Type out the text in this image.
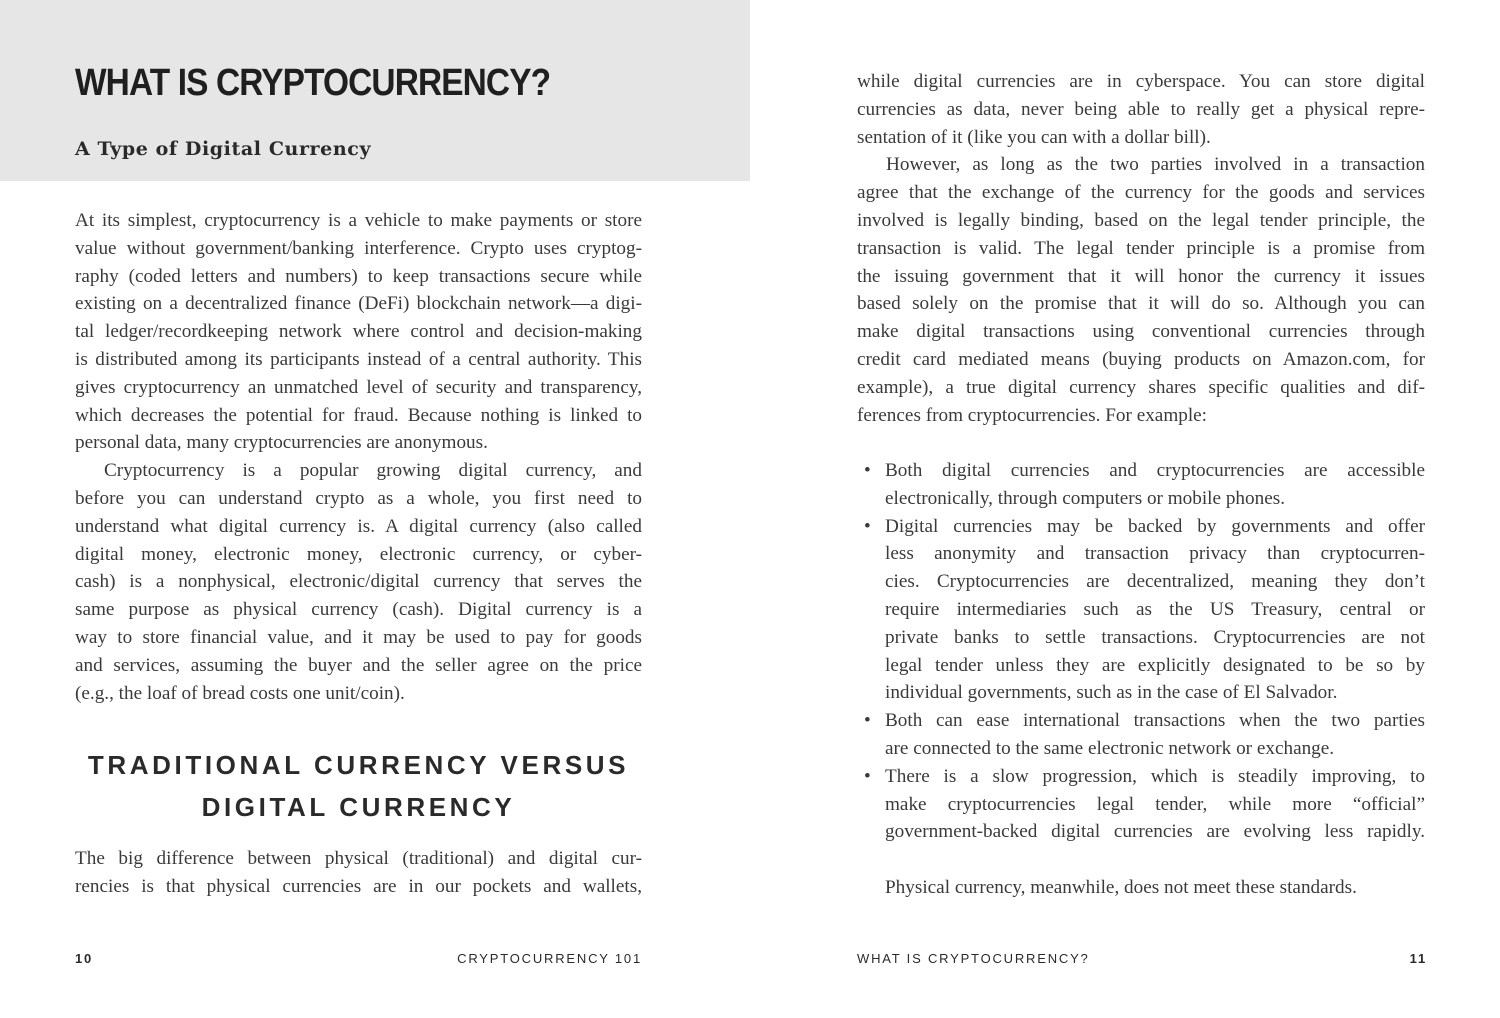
WHAT IS CRYPTOCURRENCY?
A Type of Digital Currency

At its simplest, cryptocurrency is a vehicle to make payments or store

value without government/banking interference. Crypto uses cryptog-

raphy (coded letters and numbers) to keep transactions secure while

existing on a decentralized finance (DeFi) blockchain network—a digi-

tal ledger/recordkeeping network where control and decision-making

is distributed among its participants instead of a central authority. This

gives cryptocurrency an unmatched level of security and transparency,

which decreases the potential for fraud. Because nothing is linked to

personal data, many cryptocurrencies are anonymous.

Cryptocurrency is a popular growing digital currency, and

before you can understand crypto as a whole, you first need to

understand what digital currency is. A digital currency (also called

digital money, electronic money, electronic currency, or cyber-

cash) is a nonphysical, electronic/digital currency that serves the

same purpose as physical currency (cash). Digital currency is a

way to store financial value, and it may be used to pay for goods

and services, assuming the buyer and the seller agree on the price

(e.g., the loaf of bread costs one unit/coin).

TRADITIONAL CURRENCY VERSUS
DIGITAL CURRENCY

The big difference between physical (traditional) and digital cur-

rencies is that physical currencies are in our pockets and wallets,

10	CRYPTOCURRENCY 101

while digital currencies are in cyberspace. You can store digital

currencies as data, never being able to really get a physical repre-

sentation of it (like you can with a dollar bill).

However, as long as the two parties involved in a transaction

agree that the exchange of the currency for the goods and services

involved is legally binding, based on the legal tender principle, the

transaction is valid. The legal tender principle is a promise from

the issuing government that it will honor the currency it issues

based solely on the promise that it will do so. Although you can

make digital transactions using conventional currencies through

credit card mediated means (buying products on Amazon.com, for

example), a true digital currency shares specific qualities and dif-

ferences from cryptocurrencies. For example:

• Both digital currencies and cryptocurrencies are accessible
electronically, through computers or mobile phones.
• Digital currencies may be backed by governments and offer
less anonymity and transaction privacy than cryptocurren-
cies. Cryptocurrencies are decentralized, meaning they don’t
require intermediaries such as the US Treasury, central or
private banks to settle transactions. Cryptocurrencies are not
legal tender unless they are explicitly designated to be so by
individual governments, such as in the case of El Salvador.
• Both can ease international transactions when the two parties
are connected to the same electronic network or exchange.
• There is a slow progression, which is steadily improving, to
make cryptocurrencies legal tender, while more “official”
government-backed digital currencies are evolving less rapidly.

Physical currency, meanwhile, does not meet these standards.

WHAT IS CRYPTOCURRENCY?	11
